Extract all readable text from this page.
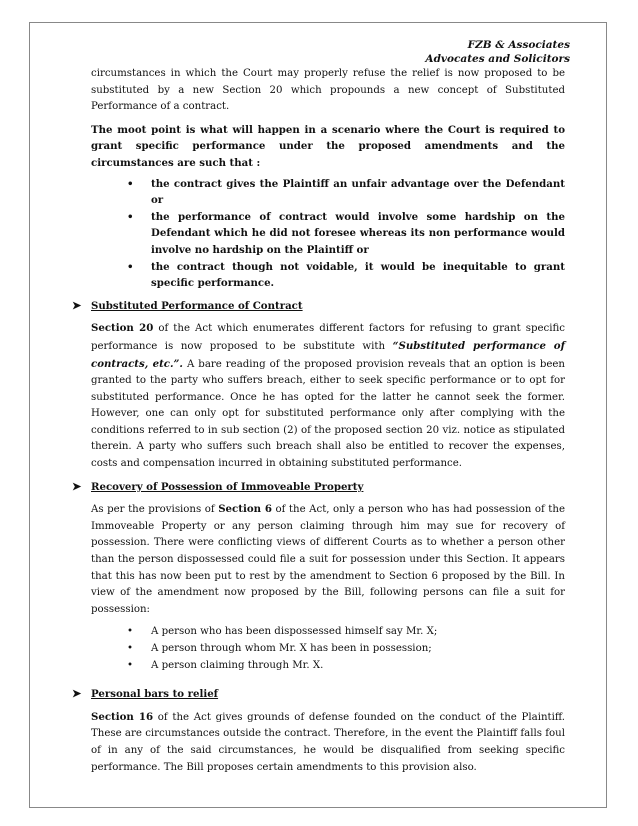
FZB & Associates
Advocates and Solicitors

circumstances in which the Court may properly refuse the relief is now proposed to be substituted by a new Section 20 which propounds a new concept of Substituted Performance of a contract.

The moot point is what will happen in a scenario where the Court is required to grant specific performance under the proposed amendments and the circumstances are such that :

• the contract gives the Plaintiff an unfair advantage over the Defendant or
• the performance of contract would involve some hardship on the Defendant which he did not foresee whereas its non performance would involve no hardship on the Plaintiff or
• the contract though not voidable, it would be inequitable to grant specific performance.
➤ Substituted Performance of Contract

Section 20 of the Act which enumerates different factors for refusing to grant specific performance is now proposed to be substitute with “Substituted performance of contracts, etc.”. A bare reading of the proposed provision reveals that an option is been granted to the party who suffers breach, either to seek specific performance or to opt for substituted performance. Once he has opted for the latter he cannot seek the former. However, one can only opt for substituted performance only after complying with the conditions referred to in sub section (2) of the proposed section 20 viz. notice as stipulated therein. A party who suffers such breach shall also be entitled to recover the expenses, costs and compensation incurred in obtaining substituted performance.

➤ Recovery of Possession of Immoveable Property

As per the provisions of Section 6 of the Act, only a person who has had possession of the Immoveable Property or any person claiming through him may sue for recovery of possession. There were conflicting views of different Courts as to whether a person other than the person dispossessed could file a suit for possession under this Section. It appears that this has now been put to rest by the amendment to Section 6 proposed by the Bill. In view of the amendment now proposed by the Bill, following persons can file a suit for possession:

• A person who has been dispossessed himself say Mr. X;
• A person through whom Mr. X has been in possession;
• A person claiming through Mr. X.
➤ Personal bars to relief

Section 16 of the Act gives grounds of defense founded on the conduct of the Plaintiff. These are circumstances outside the contract. Therefore, in the event the Plaintiff falls foul of in any of the said circumstances, he would be disqualified from seeking specific performance. The Bill proposes certain amendments to this provision also.
